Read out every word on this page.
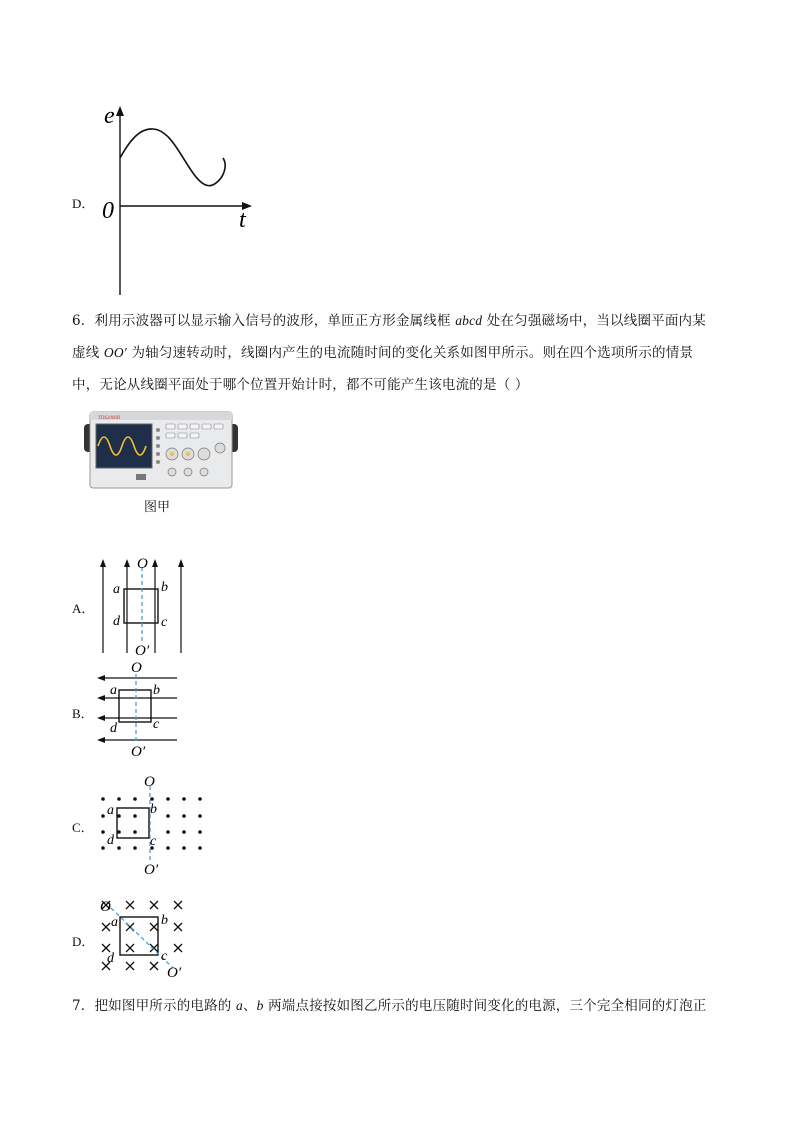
D．
e
t
0
6．利用示波器可以显示输入信号的波形，单匝正方形金属线框 abcd 处在匀强磁场中，当以线圈平面内某
虚线 OO′ 为轴匀速转动时，线圈内产生的电流随时间的变化关系如图甲所示。则在四个选项所示的情景
中，无论从线圈平面处于哪个位置开始计时，都不可能产生该电流的是（ ）
TDS2000B
图甲
A．
O
O′
a	b
c
d
B．
O
O′
a	b
c
d
C．
O
O′
a	b
c
d
D．
O
O′
a	b
c
d
7．把如图甲所示的电路的 a、b 两端点接按如图乙所示的电压随时间变化的电源，三个完全相同的灯泡正
